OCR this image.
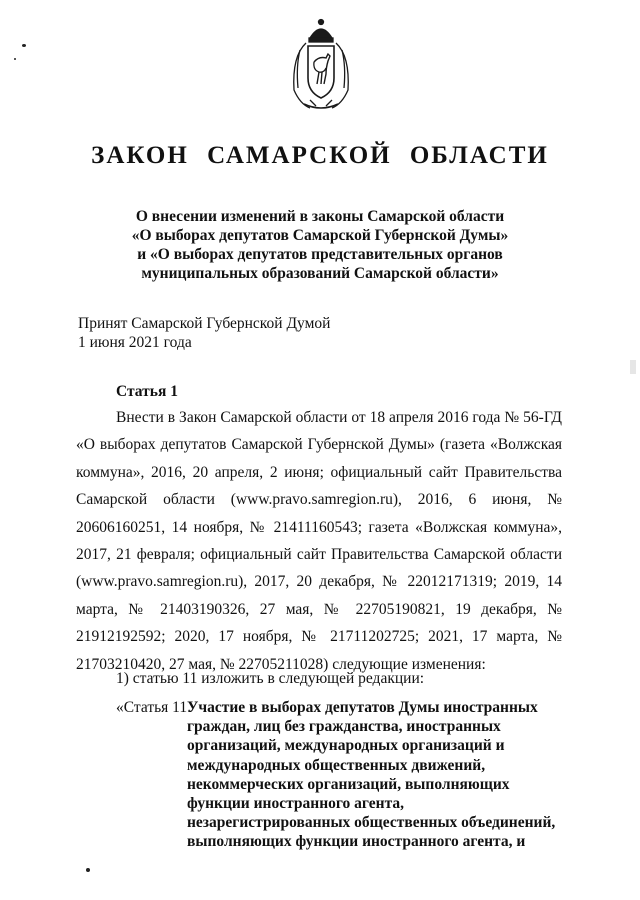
ЗАКОН САМАРСКОЙ ОБЛАСТИ
О внесении изменений в законы Самарской области
«О выборах депутатов Самарской Губернской Думы»
и «О выборах депутатов представительных органов
муниципальных образований Самарской области»
Принят Самарской Губернской Думой
1 июня 2021 года
Статья 1

Внести в Закон Самарской области от 18 апреля 2016 года № 56-ГД «О выборах депутатов Самарской Губернской Думы» (газета «Волжская коммуна», 2016, 20 апреля, 2 июня; официальный сайт Правительства Самарской области (www.pravo.samregion.ru), 2016, 6 июня, № 20606160251, 14 ноября, № 21411160543; газета «Волжская коммуна», 2017, 21 февраля; официальный сайт Правительства Самарской области (www.pravo.samregion.ru), 2017, 20 декабря, № 22012171319; 2019, 14 марта, № 21403190326, 27 мая, № 22705190821, 19 декабря, № 21912192592; 2020, 17 ноября, № 21711202725; 2021, 17 марта, № 21703210420, 27 мая, № 22705211028) следующие изменения:

1) статью 11 изложить в следующей редакции:
«Статья 11.

Участие в выборах депутатов Думы иностранных граждан, лиц без гражданства, иностранных организаций, международных организаций и международных общественных движений, некоммерческих организаций, выполняющих функции иностранного агента, незарегистрированных общественных объединений, выполняющих функции иностранного агента, и
